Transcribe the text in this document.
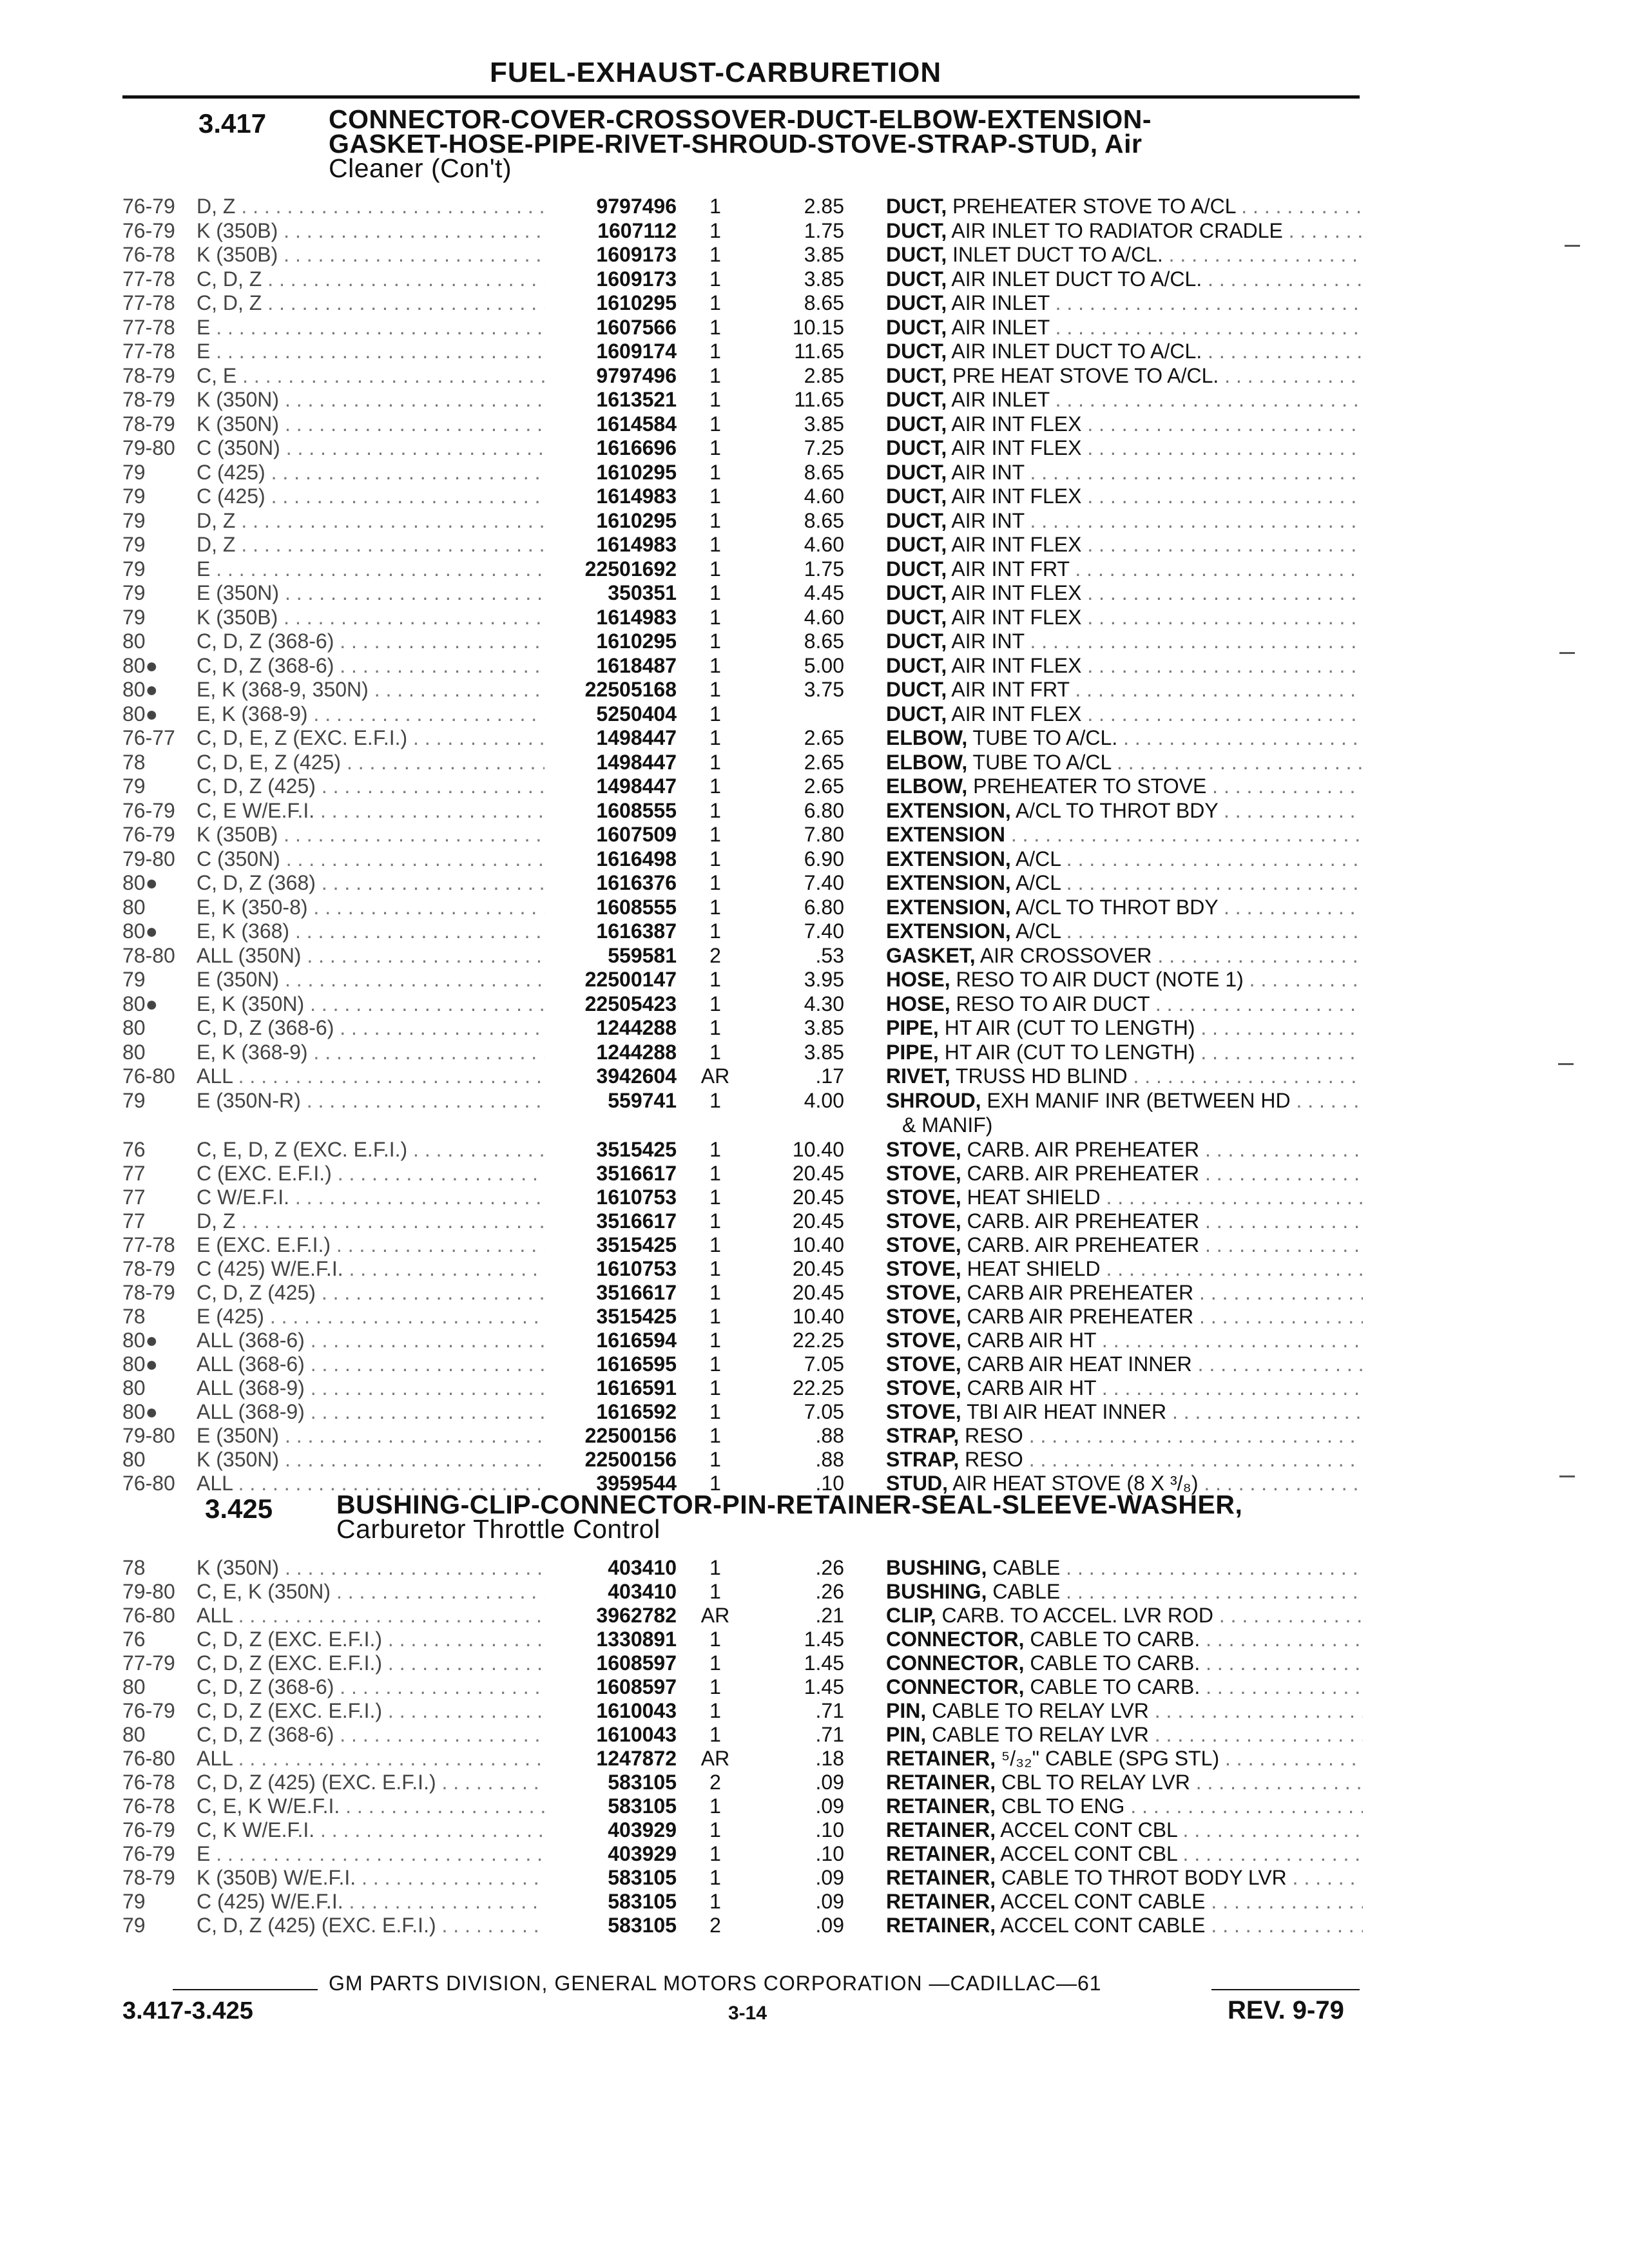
FUEL-EXHAUST-CARBURETION
3.417 CONNECTOR-COVER-CROSSOVER-DUCT-ELBOW-EXTENSION-
GASKET-HOSE-PIPE-RIVET-SHROUD-STOVE-STRAP-STUD, Air
Cleaner (Con't)
76-79	D, Z . . .	9797496	1	2.85 DUCT, PREHEATER STOVE TO A/CL . . .
76-79	K (350B) . . .	1607112	1	1.75 DUCT, AIR INLET TO RADIATOR CRADLE . . .
76-78	K (350B) . . .	1609173	1	3.85 DUCT, INLET DUCT TO A/CL. . . .
77-78	C, D, Z . . .	1609173	1	3.85 DUCT, AIR INLET DUCT TO A/CL. . . .
77-78	C, D, Z . . .	1610295	1	8.65 DUCT, AIR INLET . . .
77-78	E . . .	1607566	1	10.15 DUCT, AIR INLET . . .
77-78	E . . .	1609174	1	11.65 DUCT, AIR INLET DUCT TO A/CL. . . .
78-79	C, E . . .	9797496	1	2.85 DUCT, PRE HEAT STOVE TO A/CL. . . .
78-79	K (350N) . . .	1613521	1	11.65 DUCT, AIR INLET . . .
78-79	K (350N) . . .	1614584	1	3.85 DUCT, AIR INT FLEX . . .
79-80	C (350N) . . .	1616696	1	7.25 DUCT, AIR INT FLEX . . .
79	C (425) . . .	1610295	1	8.65 DUCT, AIR INT . . .
79	C (425) . . .	1614983	1	4.60 DUCT, AIR INT FLEX . . .
79	D, Z . . .	1610295	1	8.65 DUCT, AIR INT . . .
79	D, Z . . .	1614983	1	4.60 DUCT, AIR INT FLEX . . .
79	E . . .	22501692	1	1.75 DUCT, AIR INT FRT . . .
79	E (350N) . . .	350351	1	4.45 DUCT, AIR INT FLEX . . .
79	K (350B) . . .	1614983	1	4.60 DUCT, AIR INT FLEX . . .
80	C, D, Z (368-6) . . .	1610295	1	8.65 DUCT, AIR INT . . .
80●	C, D, Z (368-6) . . .	1618487	1	5.00 DUCT, AIR INT FLEX . . .
80●	E, K (368-9, 350N) . . .	22505168	1	3.75 DUCT, AIR INT FRT . . .
80●	E, K (368-9) . . .	5250404	1	DUCT, AIR INT FLEX . . .
76-77	C, D, E, Z (EXC. E.F.I.) . . .	1498447	1	2.65 ELBOW, TUBE TO A/CL. . . .
78	C, D, E, Z (425) . . .	1498447	1	2.65 ELBOW, TUBE TO A/CL . . .
79	C, D, Z (425) . . .	1498447	1	2.65 ELBOW, PREHEATER TO STOVE . . .
76-79	C, E W/E.F.I. . . .	1608555	1	6.80 EXTENSION, A/CL TO THROT BDY . . .
76-79	K (350B) . . .	1607509	1	7.80 EXTENSION . . .
79-80	C (350N) . . .	1616498	1	6.90 EXTENSION, A/CL . . .
80●	C, D, Z (368) . . .	1616376	1	7.40 EXTENSION, A/CL . . .
80	E, K (350-8) . . .	1608555	1	6.80 EXTENSION, A/CL TO THROT BDY . . .
80●	E, K (368) . . .	1616387	1	7.40 EXTENSION, A/CL . . .
78-80	ALL (350N) . . .	559581	2	.53 GASKET, AIR CROSSOVER . . .
79	E (350N) . . .	22500147	1	3.95 HOSE, RESO TO AIR DUCT (NOTE 1) . . .
80●	E, K (350N) . . .	22505423	1	4.30 HOSE, RESO TO AIR DUCT . . .
80	C, D, Z (368-6) . . .	1244288	1	3.85 PIPE, HT AIR (CUT TO LENGTH) . . .
80	E, K (368-9) . . .	1244288	1	3.85 PIPE, HT AIR (CUT TO LENGTH) . . .
76-80	ALL . . .	3942604	AR	.17 RIVET, TRUSS HD BLIND . . .
79	E (350N-R) . . .	559741	1	4.00 SHROUD, EXH MANIF INR (BETWEEN HD . . .
& MANIF)
76	C, E, D, Z (EXC. E.F.I.) . . .	3515425	1	10.40 STOVE, CARB. AIR PREHEATER . . .
77	C (EXC. E.F.I.) . . .	3516617	1	20.45 STOVE, CARB. AIR PREHEATER . . .
77	C W/E.F.I. . . .	1610753	1	20.45 STOVE, HEAT SHIELD . . .
77	D, Z . . .	3516617	1	20.45 STOVE, CARB. AIR PREHEATER . . .
77-78	E (EXC. E.F.I.) . . .	3515425	1	10.40 STOVE, CARB. AIR PREHEATER . . .
78-79	C (425) W/E.F.I. . . .	1610753	1	20.45 STOVE, HEAT SHIELD . . .
78-79	C, D, Z (425) . . .	3516617	1	20.45 STOVE, CARB AIR PREHEATER . . .
78	E (425) . . .	3515425	1	10.40 STOVE, CARB AIR PREHEATER . . .
80●	ALL (368-6) . . .	1616594	1	22.25 STOVE, CARB AIR HT . . .
80●	ALL (368-6) . . .	1616595	1	7.05 STOVE, CARB AIR HEAT INNER . . .
80	ALL (368-9) . . .	1616591	1	22.25 STOVE, CARB AIR HT . . .
80●	ALL (368-9) . . .	1616592	1	7.05 STOVE, TBI AIR HEAT INNER . . .
79-80	E (350N) . . .	22500156	1	.88 STRAP, RESO . . .
80	K (350N) . . .	22500156	1	.88 STRAP, RESO . . .
76-80	ALL . . .	3959544	1	.10 STUD, AIR HEAT STOVE (8 X ³/₈) . . .
3.425 BUSHING-CLIP-CONNECTOR-PIN-RETAINER-SEAL-SLEEVE-WASHER,
Carburetor Throttle Control
78	K (350N) . . .	403410	1	.26 BUSHING, CABLE . . .
79-80	C, E, K (350N) . . .	403410	1	.26 BUSHING, CABLE . . .
76-80	ALL . . .	3962782	AR	.21 CLIP, CARB. TO ACCEL. LVR ROD . . .
76	C, D, Z (EXC. E.F.I.) . . .	1330891	1	1.45 CONNECTOR, CABLE TO CARB. . . .
77-79	C, D, Z (EXC. E.F.I.) . . .	1608597	1	1.45 CONNECTOR, CABLE TO CARB. . . .
80	C, D, Z (368-6) . . .	1608597	1	1.45 CONNECTOR, CABLE TO CARB. . . .
76-79	C, D, Z (EXC. E.F.I.) . . .	1610043	1	.71 PIN, CABLE TO RELAY LVR . . .
80	C, D, Z (368-6) . . .	1610043	1	.71 PIN, CABLE TO RELAY LVR . . .
76-80	ALL . . .	1247872	AR	.18 RETAINER, ⁵/₃₂" CABLE (SPG STL) . . .
76-78	C, D, Z (425) (EXC. E.F.I.) . . .	583105	2	.09 RETAINER, CBL TO RELAY LVR . . .
76-78	C, E, K W/E.F.I. . . .	583105	1	.09 RETAINER, CBL TO ENG . . .
76-79	C, K W/E.F.I. . . .	403929	1	.10 RETAINER, ACCEL CONT CBL . . .
76-79	E . . .	403929	1	.10 RETAINER, ACCEL CONT CBL . . .
78-79	K (350B) W/E.F.I. . . .	583105	1	.09 RETAINER, CABLE TO THROT BODY LVR . . .
79	C (425) W/E.F.I. . . .	583105	1	.09 RETAINER, ACCEL CONT CABLE . . .
79	C, D, Z (425) (EXC. E.F.I.) . . .	583105	2	.09 RETAINER, ACCEL CONT CABLE . . .
GM PARTS DIVISION, GENERAL MOTORS CORPORATION —CADILLAC—61
3.417-3.425	3-14	REV. 9-79
